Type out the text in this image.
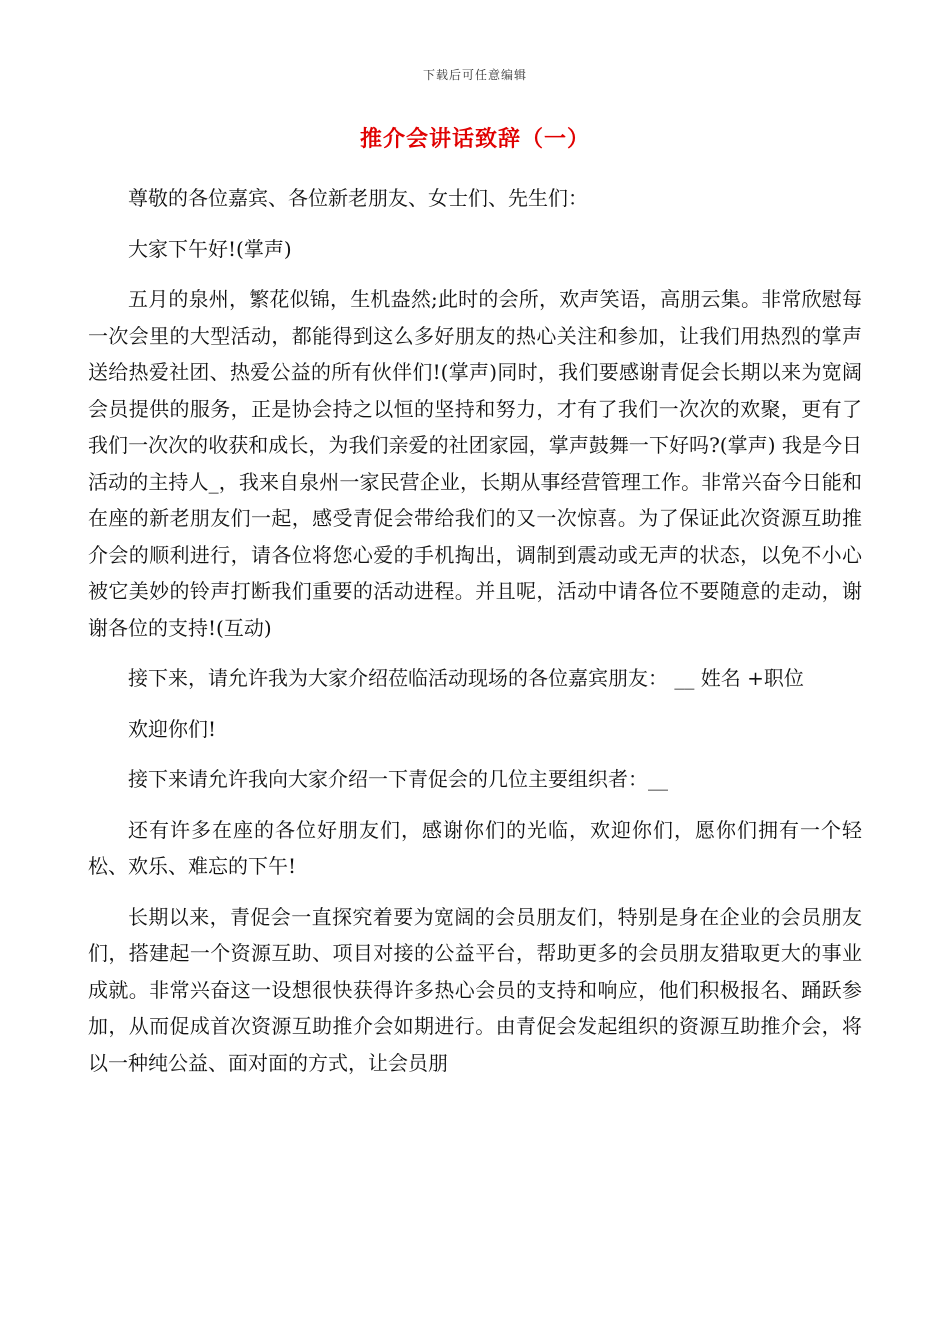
下载后可任意编辑
推介会讲话致辞（一）

尊敬的各位嘉宾、各位新老朋友、女士们、先生们：

大家下午好!(掌声)

五月的泉州，繁花似锦，生机盎然;此时的会所，欢声笑语，高朋云集。非常欣慰每一次会里的大型活动，都能得到这么多好朋友的热心关注和参加，让我们用热烈的掌声送给热爱社团、热爱公益的所有伙伴们!(掌声)同时，我们要感谢青促会长期以来为宽阔会员提供的服务，正是协会持之以恒的坚持和努力，才有了我们一次次的欢聚，更有了我们一次次的收获和成长，为我们亲爱的社团家园，掌声鼓舞一下好吗?(掌声) 我是今日活动的主持人_，我来自泉州一家民营企业，长期从事经营管理工作。非常兴奋今日能和在座的新老朋友们一起，感受青促会带给我们的又一次惊喜。为了保证此次资源互助推介会的顺利进行，请各位将您心爱的手机掏出，调制到震动或无声的状态，以免不小心被它美妙的铃声打断我们重要的活动进程。并且呢，活动中请各位不要随意的走动，谢谢各位的支持!(互动)

接下来，请允许我为大家介绍莅临活动现场的各位嘉宾朋友： __ 姓名 +职位

欢迎你们!

接下来请允许我向大家介绍一下青促会的几位主要组织者：__

还有许多在座的各位好朋友们，感谢你们的光临，欢迎你们，愿你们拥有一个轻松、欢乐、难忘的下午!

长期以来，青促会一直探究着要为宽阔的会员朋友们，特别是身在企业的会员朋友们，搭建起一个资源互助、项目对接的公益平台，帮助更多的会员朋友猎取更大的事业成就。非常兴奋这一设想很快获得许多热心会员的支持和响应，他们积极报名、踊跃参加，从而促成首次资源互助推介会如期进行。由青促会发起组织的资源互助推介会，将以一种纯公益、面对面的方式，让会员朋
